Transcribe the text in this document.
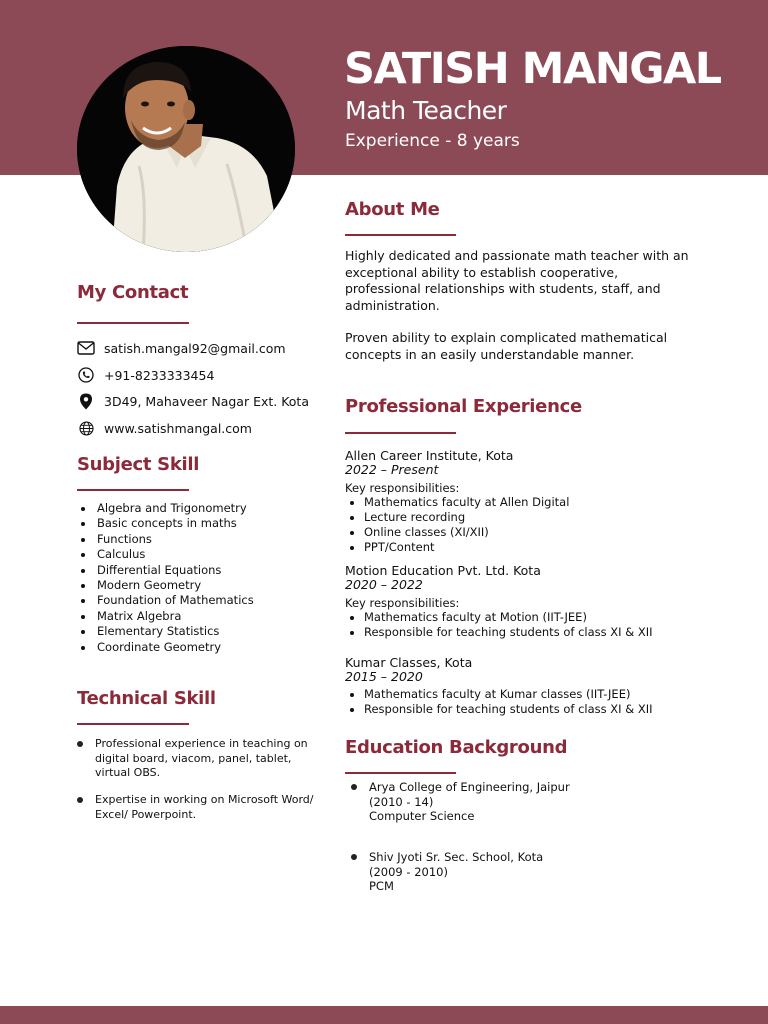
SATISH MANGAL
Math Teacher
Experience - 8 years
My Contact
satish.mangal92@gmail.com
+91-8233333454
3D49, Mahaveer Nagar Ext. Kota
www.satishmangal.com
Subject Skill
Algebra and Trigonometry
Basic concepts in maths
Functions
Calculus
Differential Equations
Modern Geometry
Foundation of Mathematics
Matrix Algebra
Elementary Statistics
Coordinate Geometry
Technical Skill
Professional experience in teaching on digital board, viacom, panel, tablet, virtual OBS.
Expertise in working on Microsoft Word/ Excel/ Powerpoint.
About Me

Highly dedicated and passionate math teacher with an exceptional ability to establish cooperative, professional relationships with students, staff, and administration.

Proven ability to explain complicated mathematical concepts in an easily understandable manner.

Professional Experience
Allen Career Institute, Kota
2022 – Present
Key responsibilities:
Mathematics faculty at Allen Digital
Lecture recording
Online classes (XI/XII)
PPT/Content
Motion Education Pvt. Ltd. Kota
2020 – 2022
Key responsibilities:
Mathematics faculty at Motion (IIT-JEE)
Responsible for teaching students of class XI & XII
Kumar Classes, Kota
2015 – 2020
Mathematics faculty at Kumar classes (IIT-JEE)
Responsible for teaching students of class XI & XII
Education Background
Arya College of Engineering, Jaipur
(2010 - 14)
Computer Science
Shiv Jyoti Sr. Sec. School, Kota
(2009 - 2010)
PCM
